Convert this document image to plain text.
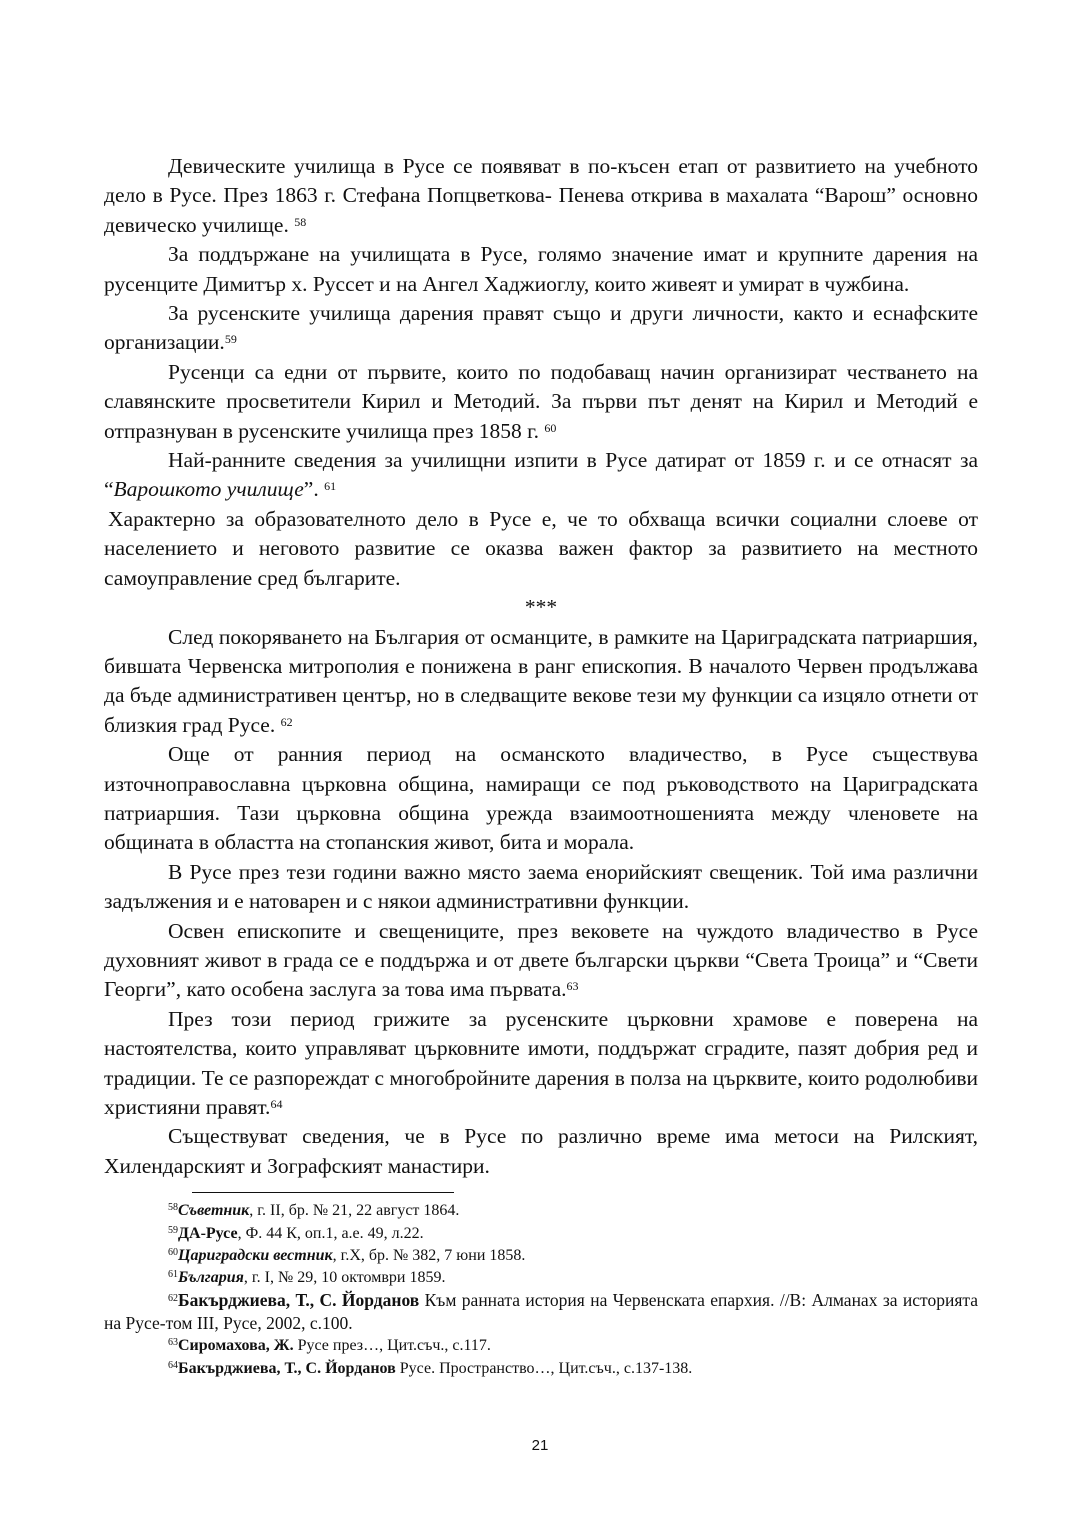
Девическите училища в Русе се появяват в по-късен етап от развитието на учебното дело в Русе. През 1863 г. Стефана Попцветкова- Пенева открива в махалата “Варош” основно девическо училище. $^{58}$

За поддържане на училищата в Русе, голямо значение имат и крупните дарения на русенците Димитър х. Руссет и на Ангел Хаджиоглу, които живеят и умират в чужбина.

За русенските училища дарения правят също и други личности, както и еснафските организации.$^{59}$

Русенци са едни от първите, които по подобаващ начин организират честването на славянските просветители Кирил и Методий. За първи път денят на Кирил и Методий е отпразнуван в русенските училища през 1858 г. $^{60}$

Най-ранните сведения за училищни изпити в Русе датират от 1859 г. и се отнасят за “Варошкото училище”. $^{61}$

Характерно за образователното дело в Русе е, че то обхваща всички социални слоеве от населението и неговото развитие се оказва важен фактор за развитието на местното самоуправление сред българите.

***

След покоряването на България от османците, в рамките на Цариградската патриаршия, бившата Червенска митрополия е понижена в ранг епископия. В началото Червен продължава да бъде административен център, но в следващите векове тези му функции са изцяло отнети от близкия град Русе. $^{62}$

Още от ранния период на османското владичество, в Русе съществува източноправославна църковна община, намиращи се под ръководството на Цариградската патриаршия. Тази църковна община урежда взаимоотношенията между членовете на общината в областта на стопанския живот, бита и морала.

В Русе през тези години важно място заема енорийският свещеник. Той има различни задължения и е натоварен и с някои административни функции.

Освен епископите и свещениците, през вековете на чуждото владичество в Русе духовният живот в града се е поддържа и от двете български църкви “Света Троица” и “Свети Георги”, като особена заслуга за това има първата.$^{63}$

През този период грижите за русенските църковни храмове е поверена на настоятелства, които управляват църковните имоти, поддържат сградите, пазят добрия ред и традиции. Те се разпореждат с многобройните дарения в полза на църквите, които родолюбиви християни правят.$^{64}$

Съществуват сведения, че в Русе по различно време има метоси на Рилският, Хилендарският и Зографският манастири.

$^{58}$Съветник, г. II, бр. № 21, 22 август 1864.

$^{59}$ДА-Русе, Ф. 44 К, оп.1, а.е. 49, л.22.

$^{60}$Цариградски вестник, г.Х, бр. № 382, 7 юни 1858.

$^{61}$България, г. I, № 29, 10 октомври 1859.

$^{62}$Бакърджиева, Т., С. Йорданов Към ранната история на Червенската епархия. //В: Алманах за историята на Русе-том III, Русе, 2002, с.100.

$^{63}$Сиромахова, Ж. Русе през…, Цит.съч., с.117.

$^{64}$Бакърджиева, Т., С. Йорданов Русе. Пространство…, Цит.съч., с.137-138.

21
